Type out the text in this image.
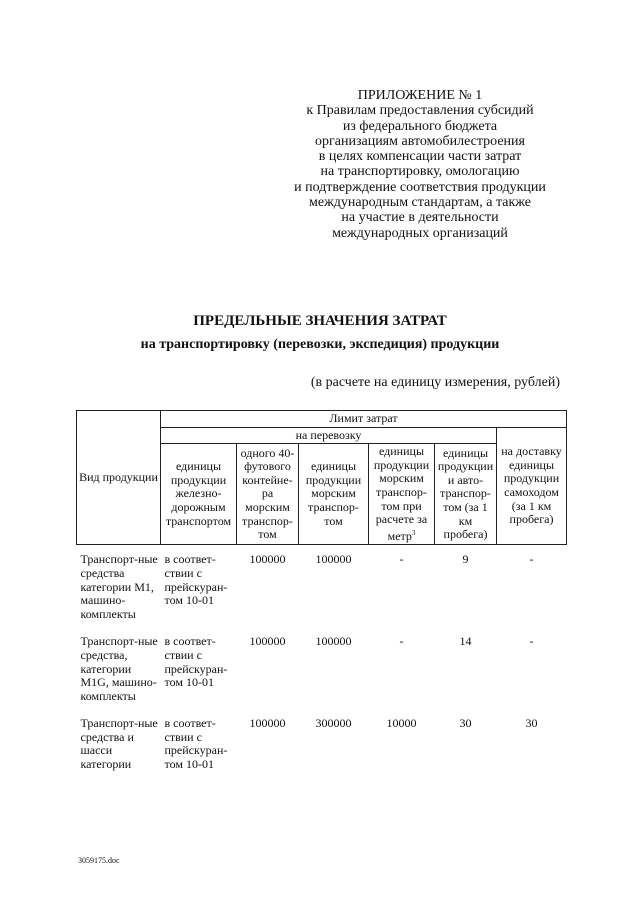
ПРИЛОЖЕНИЕ № 1
к Правилам предоставления субсидий
из федерального бюджета
организациям автомобилестроения
в целях компенсации части затрат
на транспортировку, омологацию
и подтверждение соответствия продукции
международным стандартам, а также
на участие в деятельности
международных организаций
ПРЕДЕЛЬНЫЕ ЗНАЧЕНИЯ ЗАТРАТ
на транспортировку (перевозки, экспедиция) продукции
(в расчете на единицу измерения, рублей)
Вид продукции	Лимит затрат					
	на перевозку					на доставку единицы продукции самоходом (за 1 км пробега)
	единицы продукции железно-дорожным транспортом	одного 40-футового контейне-ра морским транспор-том	единицы продукции морским транспор-том	единицы продукции морским транспор-том при расчете за метр$^3$	единицы продукции и авто-транспор-том (за 1 км пробега)	
Транспорт-ные средства категории M1, машино-комплекты	в соответ-ствии с прейскуран-том 10-01	100000	100000	-	9	-
Транспорт-ные средства, категории M1G, машино-комплекты	в соответ-ствии с прейскуран-том 10-01	100000	100000	-	14	-
Транспорт-ные средства и шасси категории	в соответ-ствии с прейскуран-том 10-01	100000	300000	10000	30	30
3059175.doc
